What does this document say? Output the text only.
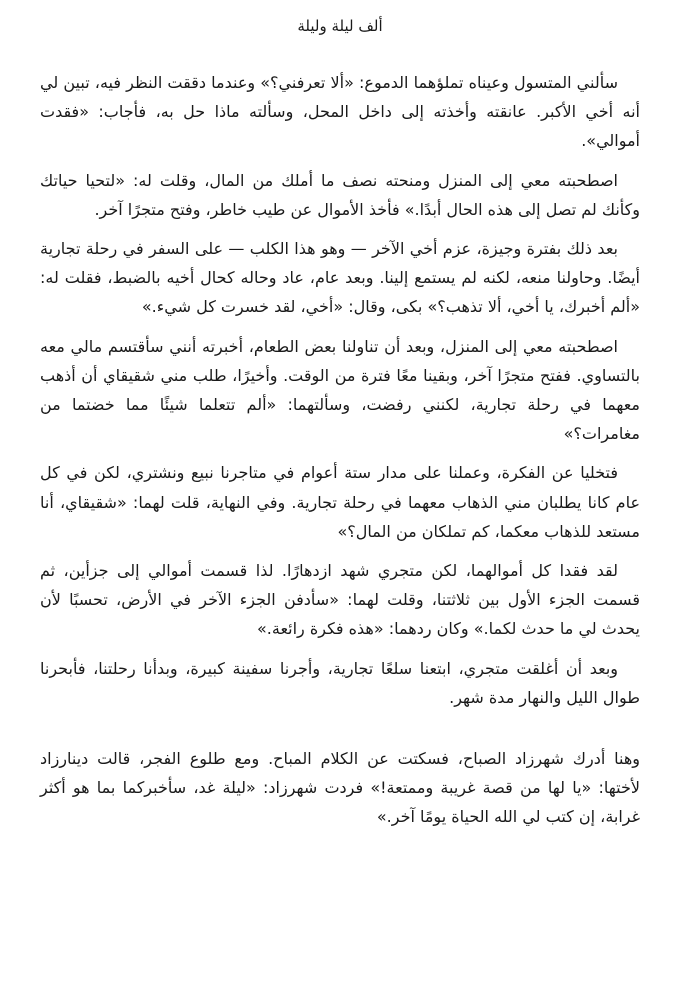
ألف ليلة وليلة

سألني المتسول وعيناه تملؤهما الدموع: «ألا تعرفني؟» وعندما دققت النظر فيه، تبين لي أنه أخي الأكبر. عانقته وأخذته إلى داخل المحل، وسألته ماذا حل به، فأجاب: «فقدت أموالي».

اصطحبته معي إلى المنزل ومنحته نصف ما أملك من المال، وقلت له: «لتحيا حياتك وكأنك لم تصل إلى هذه الحال أبدًا.» فأخذ الأموال عن طيب خاطر، وفتح متجرًا آخر.

بعد ذلك بفترة وجيزة، عزم أخي الآخر — وهو هذا الكلب — على السفر في رحلة تجارية أيضًا. وحاولنا منعه، لكنه لم يستمع إلينا. وبعد عام، عاد وحاله كحال أخيه بالضبط، فقلت له: «ألم أخبرك، يا أخي، ألا تذهب؟» بكى، وقال: «أخي، لقد خسرت كل شيء.»

اصطحبته معي إلى المنزل، وبعد أن تناولنا بعض الطعام، أخبرته أنني سأقتسم مالي معه بالتساوي. ففتح متجرًا آخر، وبقينا معًا فترة من الوقت. وأخيرًا، طلب مني شقيقاي أن أذهب معهما في رحلة تجارية، لكنني رفضت، وسألتهما: «ألم تتعلما شيئًا مما خضتما من مغامرات؟»

فتخليا عن الفكرة، وعملنا على مدار ستة أعوام في متاجرنا نبيع ونشتري، لكن في كل عام كانا يطلبان مني الذهاب معهما في رحلة تجارية. وفي النهاية، قلت لهما: «شقيقاي، أنا مستعد للذهاب معكما، كم تملكان من المال؟»

لقد فقدا كل أموالهما، لكن متجري شهد ازدهارًا. لذا قسمت أموالي إلى جزأين، ثم قسمت الجزء الأول بين ثلاثتنا، وقلت لهما: «سأدفن الجزء الآخر في الأرض، تحسبًا لأن يحدث لي ما حدث لكما.» وكان ردهما: «هذه فكرة رائعة.»

وبعد أن أغلقت متجري، ابتعنا سلعًا تجارية، وأجرنا سفينة كبيرة، وبدأنا رحلتنا، فأبحرنا طوال الليل والنهار مدة شهر.

وهنا أدرك شهرزاد الصباح، فسكتت عن الكلام المباح. ومع طلوع الفجر، قالت دينارزاد لأختها: «يا لها من قصة غريبة وممتعة!» فردت شهرزاد: «ليلة غد، سأخبركما بما هو أكثر غرابة، إن كتب لي الله الحياة يومًا آخر.»
